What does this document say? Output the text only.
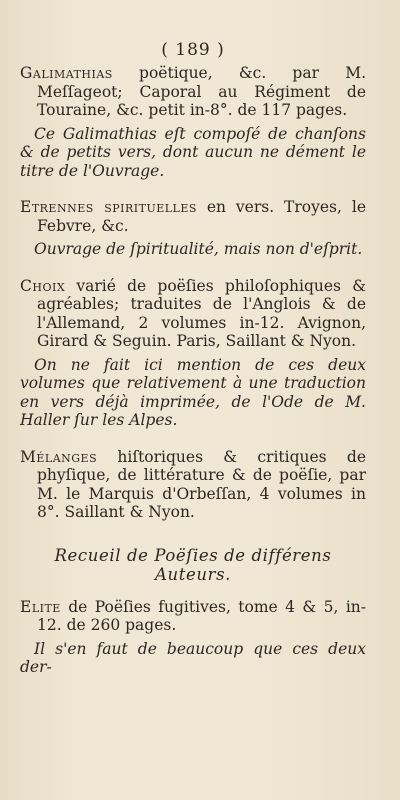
( 189 )
Galimathias poëtique, &c. par M. Meſſageot; Caporal au Régiment de Touraine, &c. petit in-8°. de 117 pages.
Ce Galimathias eſt compoſé de chanſons & de petits vers, dont aucun ne dément le titre de l'Ouvrage.
Etrennes spirituelles en vers. Troyes, le Febvre, &c.
Ouvrage de ſpiritualité, mais non d'eſprit.
Choix varié de poëſies philoſophiques & agréables; traduites de l'Anglois & de l'Allemand, 2 volumes in-12. Avignon, Girard & Seguin. Paris, Saillant & Nyon.
On ne fait ici mention de ces deux volumes que relativement à une traduction en vers déjà imprimée, de l'Ode de M. Haller ſur les Alpes.
Mélanges hiſtoriques & critiques de phyſique, de littérature & de poëſie, par M. le Marquis d'Orbeſſan, 4 volumes in 8°. Saillant & Nyon.
Recueil de Poëſies de différens Auteurs.
Elite de Poëſies fugitives, tome 4 & 5, in-12. de 260 pages.
Il s'en faut de beaucoup que ces deux der-
